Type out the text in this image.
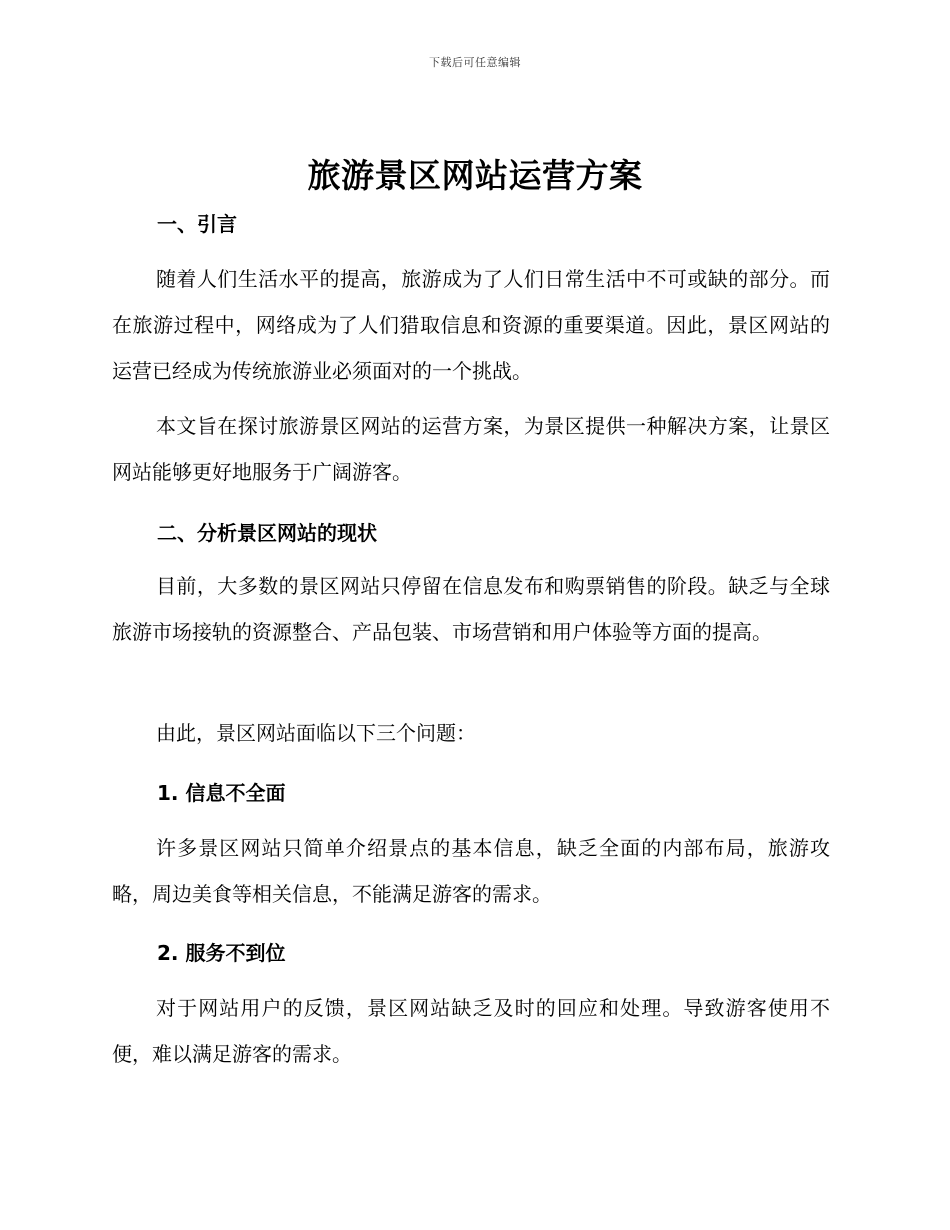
下载后可任意编辑
旅游景区网站运营方案
一、引言

随着人们生活水平的提高，旅游成为了人们日常生活中不可或缺的部分。而在旅游过程中，网络成为了人们猎取信息和资源的重要渠道。因此，景区网站的运营已经成为传统旅游业必须面对的一个挑战。

本文旨在探讨旅游景区网站的运营方案，为景区提供一种解决方案，让景区网站能够更好地服务于广阔游客。

二、分析景区网站的现状

目前，大多数的景区网站只停留在信息发布和购票销售的阶段。缺乏与全球旅游市场接轨的资源整合、产品包装、市场营销和用户体验等方面的提高。

由此，景区网站面临以下三个问题：

1. 信息不全面

许多景区网站只简单介绍景点的基本信息，缺乏全面的内部布局，旅游攻略，周边美食等相关信息，不能满足游客的需求。

2. 服务不到位

对于网站用户的反馈，景区网站缺乏及时的回应和处理。导致游客使用不便，难以满足游客的需求。
